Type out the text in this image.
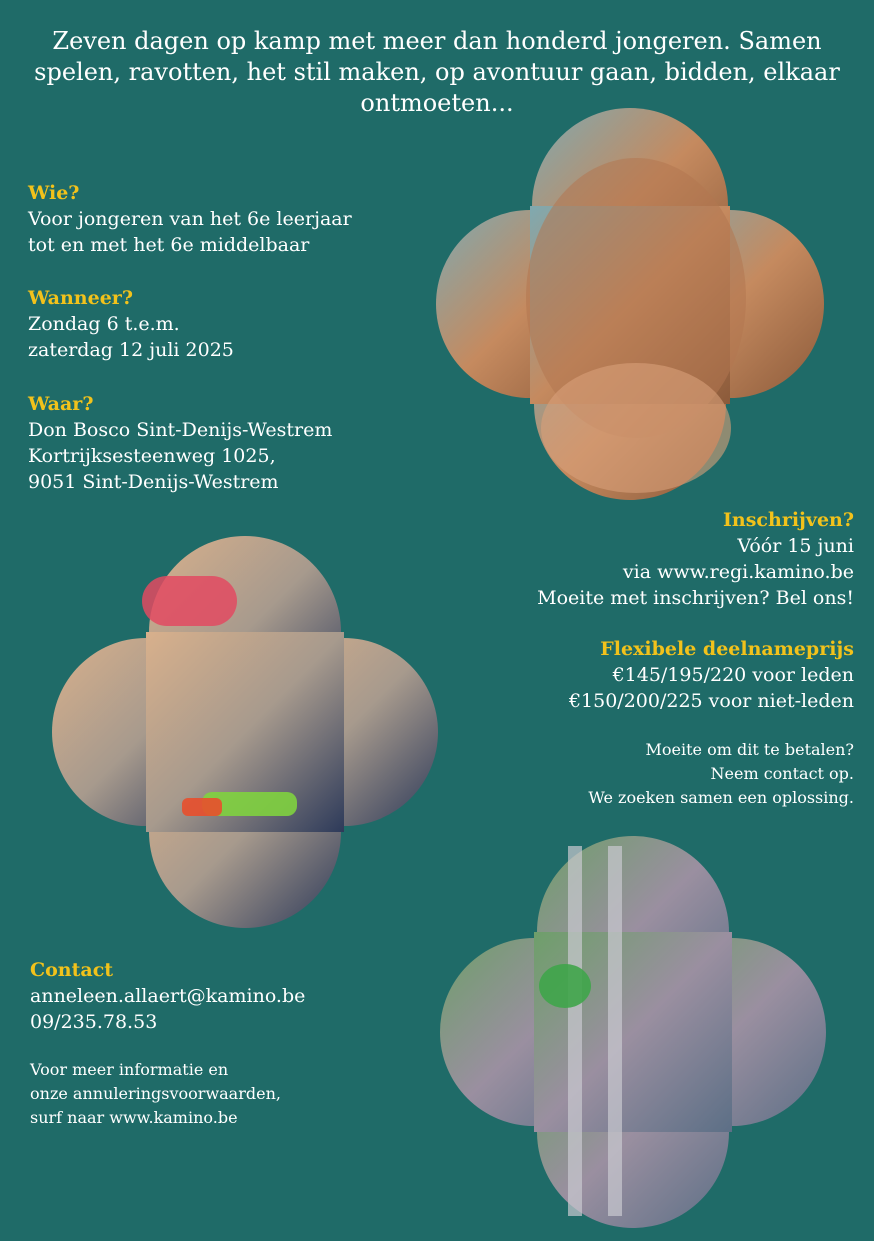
Zeven dagen op kamp met meer dan honderd jongeren. Samen spelen, ravotten, het stil maken, op avontuur gaan, bidden, elkaar ontmoeten...
Wie?
Voor jongeren van het 6e leerjaar
tot en met het 6e middelbaar
Wanneer?
Zondag 6 t.e.m.
zaterdag 12 juli 2025
Waar?
Don Bosco Sint-Denijs-Westrem
Kortrijksesteenweg 1025,
9051 Sint-Denijs-Westrem
Inschrijven?
Vóór 15 juni
via www.regi.kamino.be
Moeite met inschrijven? Bel ons!
Flexibele deelnameprijs
€145/195/220 voor leden
€150/200/225 voor niet-leden
Moeite om dit te betalen?
Neem contact op.
We zoeken samen een oplossing.
Contact
anneleen.allaert@kamino.be
09/235.78.53
Voor meer informatie en
onze annuleringsvoorwaarden,
surf naar www.kamino.be
